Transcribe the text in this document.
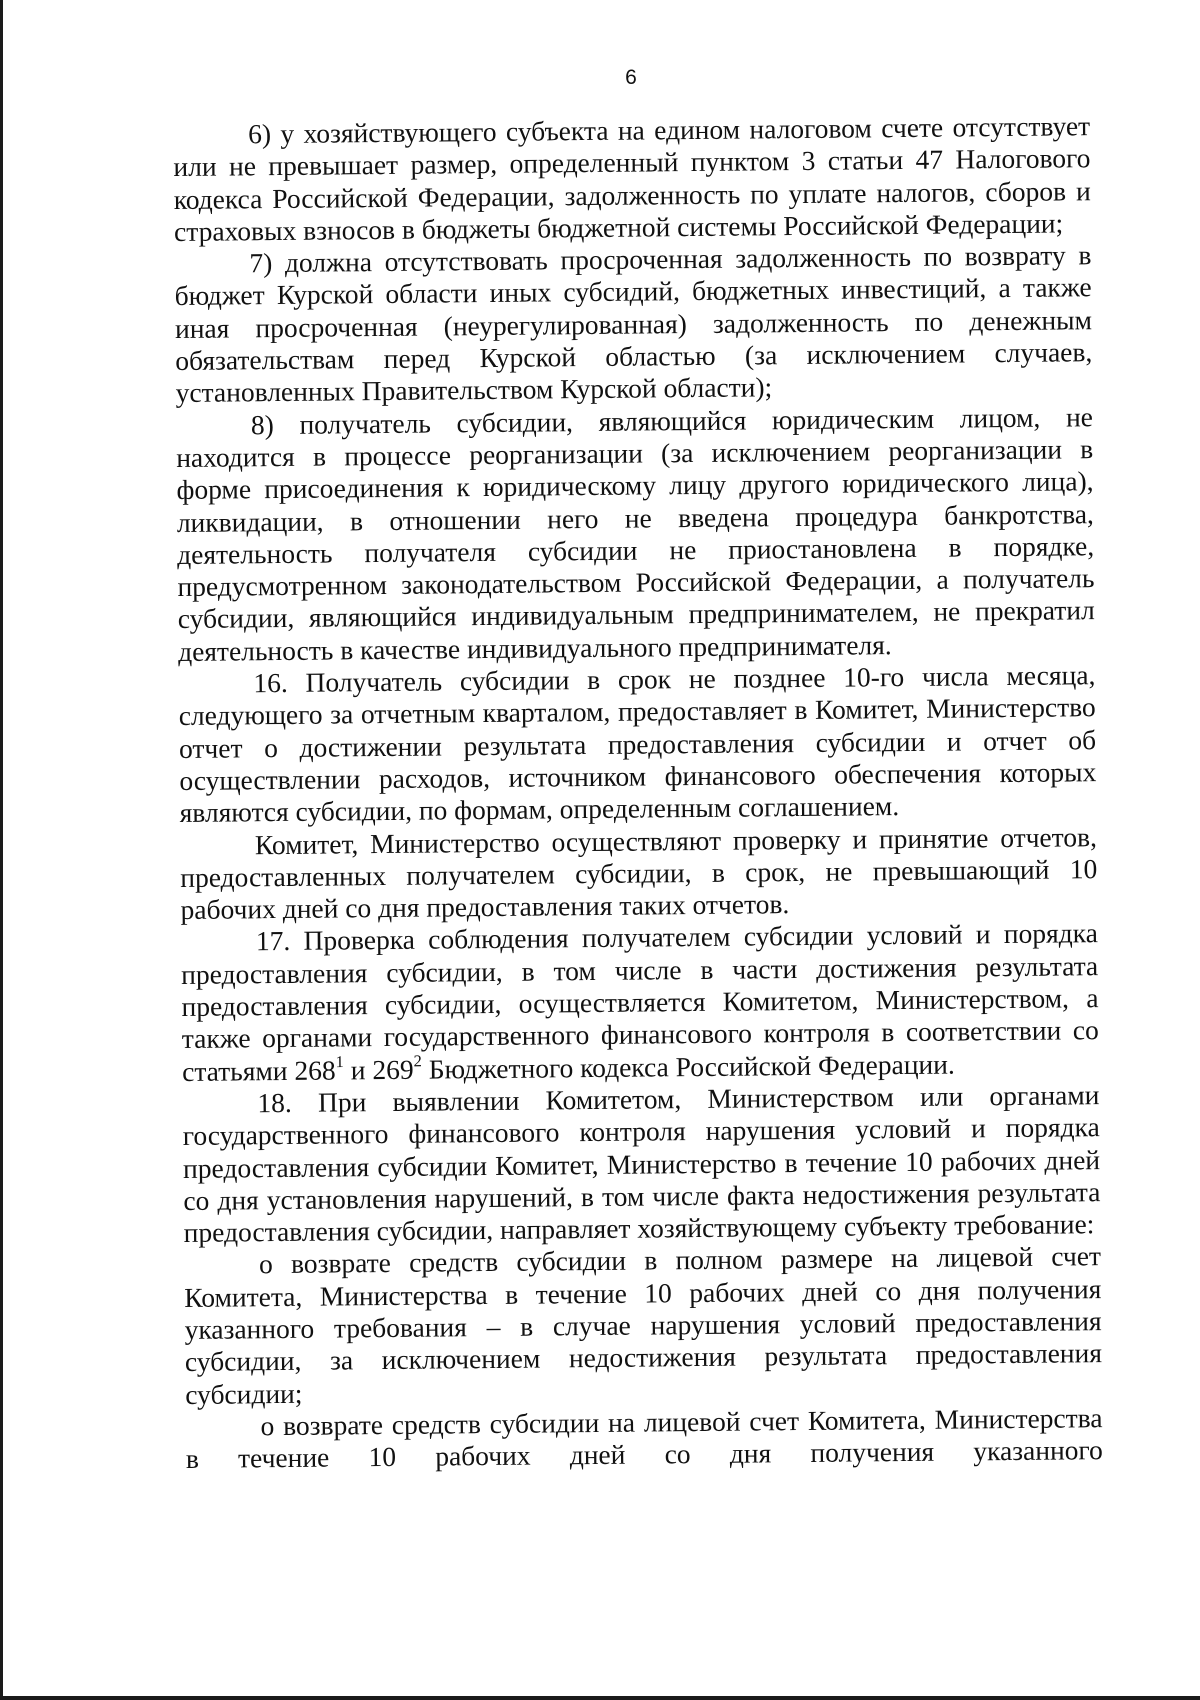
6

6) у хозяйствующего субъекта на едином налоговом счете отсутствует или не превышает размер, определенный пунктом 3 статьи 47 Налогового кодекса Российской Федерации, задолженность по уплате налогов, сборов и страховых взносов в бюджеты бюджетной системы Российской Федерации;

7) должна отсутствовать просроченная задолженность по возврату в бюджет Курской области иных субсидий, бюджетных инвестиций, а также иная просроченная (неурегулированная) задолженность по денежным обязательствам перед Курской областью (за исключением случаев, установленных Правительством Курской области);

8) получатель субсидии, являющийся юридическим лицом, не находится в процессе реорганизации (за исключением реорганизации в форме присоединения к юридическому лицу другого юридического лица), ликвидации, в отношении него не введена процедура банкротства, деятельность получателя субсидии не приостановлена в порядке, предусмотренном законодательством Российской Федерации, а получатель субсидии, являющийся индивидуальным предпринимателем, не прекратил деятельность в качестве индивидуального предпринимателя.

16. Получатель субсидии в срок не позднее 10-го числа месяца, следующего за отчетным кварталом, предоставляет в Комитет, Министерство отчет о достижении результата предоставления субсидии и отчет об осуществлении расходов, источником финансового обеспечения которых являются субсидии, по формам, определенным соглашением.

Комитет, Министерство осуществляют проверку и принятие отчетов, предоставленных получателем субсидии, в срок, не превышающий 10 рабочих дней со дня предоставления таких отчетов.

17. Проверка соблюдения получателем субсидии условий и порядка предоставления субсидии, в том числе в части достижения результата предоставления субсидии, осуществляется Комитетом, Министерством, а также органами государственного финансового контроля в соответствии со статьями $268^1$ и $269^2$ Бюджетного кодекса Российской Федерации.

18. При выявлении Комитетом, Министерством или органами государственного финансового контроля нарушения условий и порядка предоставления субсидии Комитет, Министерство в течение 10 рабочих дней со дня установления нарушений, в том числе факта недостижения результата предоставления субсидии, направляет хозяйствующему субъекту требование:

о возврате средств субсидии в полном размере на лицевой счет Комитета, Министерства в течение 10 рабочих дней со дня получения указанного требования – в случае нарушения условий предоставления субсидии, за исключением недостижения результата предоставления субсидии;

о возврате средств субсидии на лицевой счет Комитета, Министерства в течение 10 рабочих дней со дня получения указанного
